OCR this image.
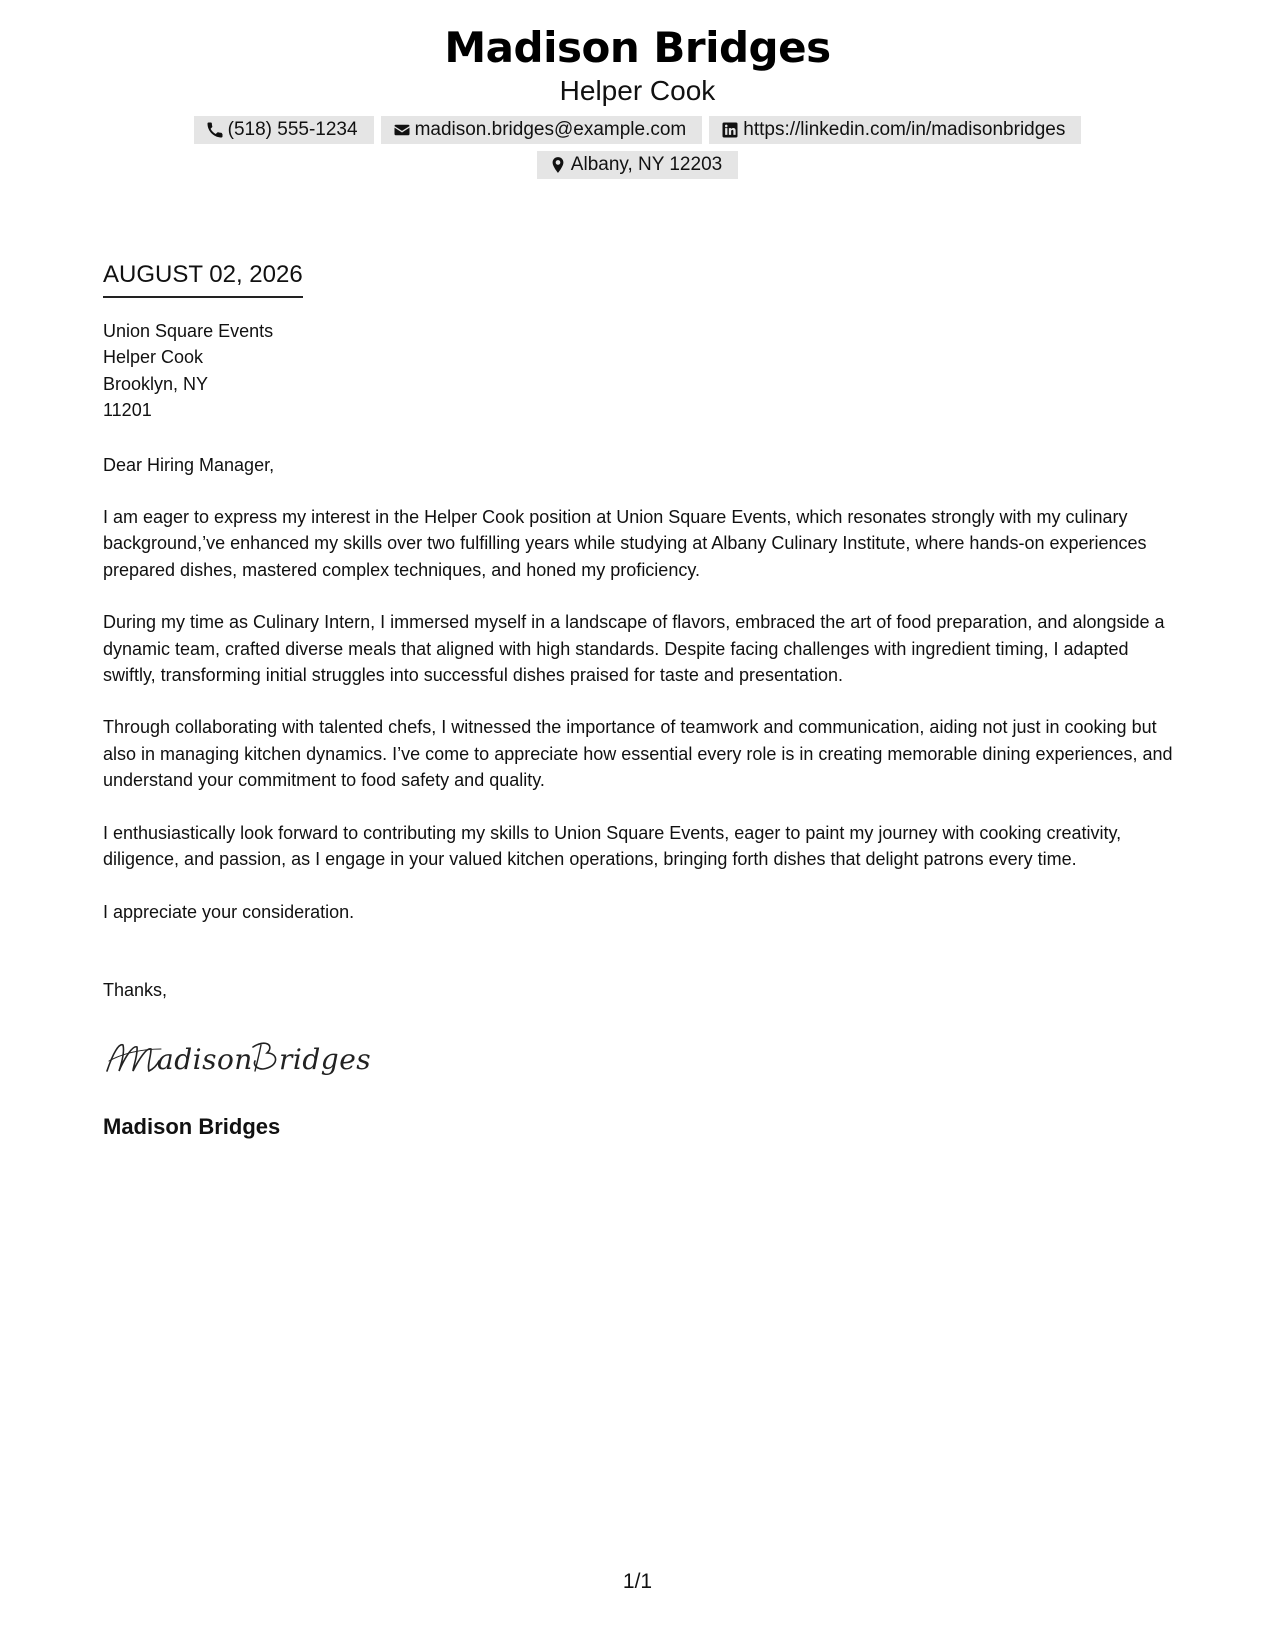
Madison Bridges
Helper Cook
(518) 555-1234	madison.bridges@example.com	https://linkedin.com/in/madisonbridges
Albany, NY 12203
AUGUST 02, 2026
Union Square Events
Helper Cook
Brooklyn, NY
11201
Dear Hiring Manager,
I am eager to express my interest in the Helper Cook position at Union Square Events, which resonates strongly with my culinary background,’ve enhanced my skills over two fulfilling years while studying at Albany Culinary Institute, where hands-on experiences prepared dishes, mastered complex techniques, and honed my proficiency.
During my time as Culinary Intern, I immersed myself in a landscape of flavors, embraced the art of food preparation, and alongside a dynamic team, crafted diverse meals that aligned with high standards. Despite facing challenges with ingredient timing, I adapted swiftly, transforming initial struggles into successful dishes praised for taste and presentation.
Through collaborating with talented chefs, I witnessed the importance of teamwork and communication, aiding not just in cooking but also in managing kitchen dynamics. I’ve come to appreciate how essential every role is in creating memorable dining experiences, and understand your commitment to food safety and quality.
I enthusiastically look forward to contributing my skills to Union Square Events, eager to paint my journey with cooking creativity, diligence, and passion, as I engage in your valued kitchen operations, bringing forth dishes that delight patrons every time.
I appreciate your consideration.
Thanks,
adison ridges
Madison Bridges
1/1
